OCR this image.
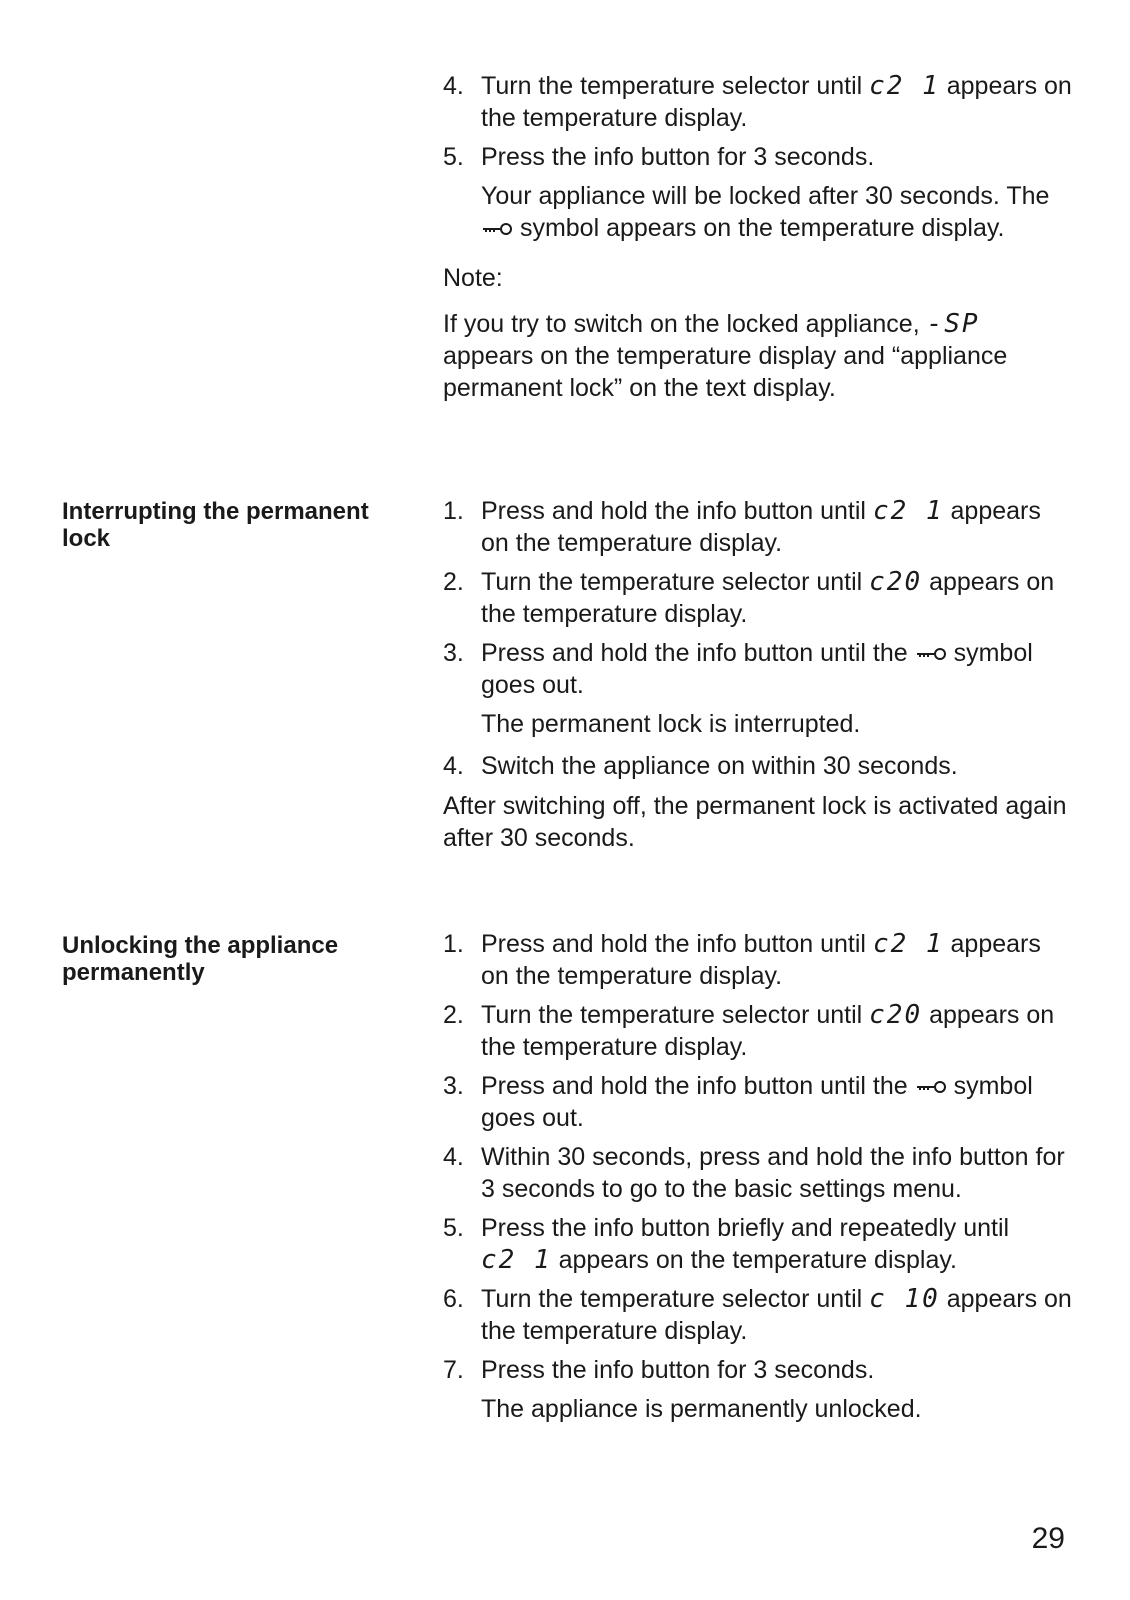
4. Turn the temperature selector until c2 1 appears on the temperature display.
5. Press the info button for 3 seconds.

Your appliance will be locked after 30 seconds. The  symbol appears on the temperature display.

Note:

If you try to switch on the locked appliance, -SP appears on the temperature display and “appliance permanent lock” on the text display.

Interrupting the permanent lock
1. Press and hold the info button until c2 1 appears on the temperature display.
2. Turn the temperature selector until c20 appears on the temperature display.
3. Press and hold the info button until the  symbol goes out.

The permanent lock is interrupted.

4. Switch the appliance on within 30 seconds.

After switching off, the permanent lock is activated again after 30 seconds.

Unlocking the appliance permanently
1. Press and hold the info button until c2 1 appears on the temperature display.
2. Turn the temperature selector until c20 appears on the temperature display.
3. Press and hold the info button until the  symbol goes out.
4. Within 30 seconds, press and hold the info button for 3 seconds to go to the basic settings menu.
5. Press the info button briefly and repeatedly until c2 1 appears on the temperature display.
6. Turn the temperature selector until c 10 appears on the temperature display.
7. Press the info button for 3 seconds.

The appliance is permanently unlocked.

29
